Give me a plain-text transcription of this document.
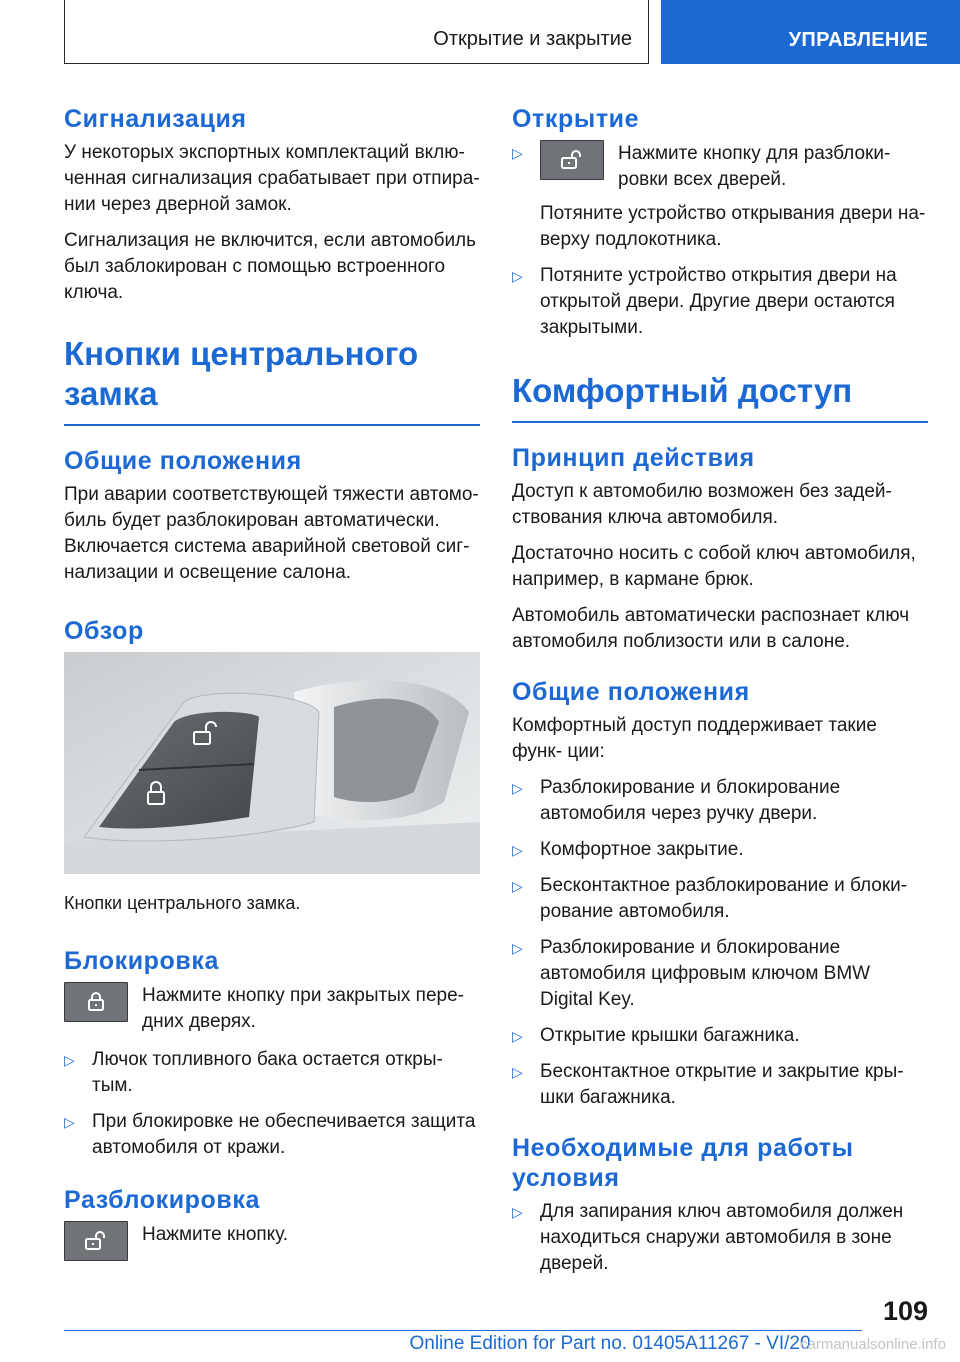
Открытие и закрытие	УПРАВЛЕНИЕ
Сигнализация

У некоторых экспортных комплектаций вклю- ченная сигнализация срабатывает при отпира- нии через дверной замок.

Сигнализация не включится, если автомобиль был заблокирован с помощью встроенного ключа.

Кнопки центрального замка
Общие положения

При аварии соответствующей тяжести автомо- биль будет разблокирован автоматически. Включается система аварийной световой сиг- нализации и освещение салона.

Обзор

Кнопки центрального замка.

Блокировка
Нажмите кнопку при закрытых пере- дних дверях.
▷ Лючок топливного бака остается откры- тым.
▷ При блокировке не обеспечивается защита автомобиля от кражи.
Разблокировка
Нажмите кнопку.
Открытие
▷	Нажмите кнопку для разблоки- ровки всех дверей.
Потяните устройство открывания двери на- верху подлокотника.
▷ Потяните устройство открытия двери на открытой двери. Другие двери остаются закрытыми.
Комфортный доступ
Принцип действия

Доступ к автомобилю возможен без задей- ствования ключа автомобиля.

Достаточно носить с собой ключ автомобиля, например, в кармане брюк.

Автомобиль автоматически распознает ключ автомобиля поблизости или в салоне.

Общие положения

Комфортный доступ поддерживает такие функ- ции:

▷ Разблокирование и блокирование автомобиля через ручку двери.
▷ Комфортное закрытие.
▷ Бесконтактное разблокирование и блоки- рование автомобиля.
▷ Разблокирование и блокирование автомобиля цифровым ключом BMW Digital Key.
▷ Открытие крышки багажника.
▷ Бесконтактное открытие и закрытие кры- шки багажника.
Необходимые для работы условия
▷ Для запирания ключ автомобиля должен находиться снаружи автомобиля в зоне дверей.
109
Online Edition for Part no. 01405A11267 - VI/20
carmanualsonline.info
